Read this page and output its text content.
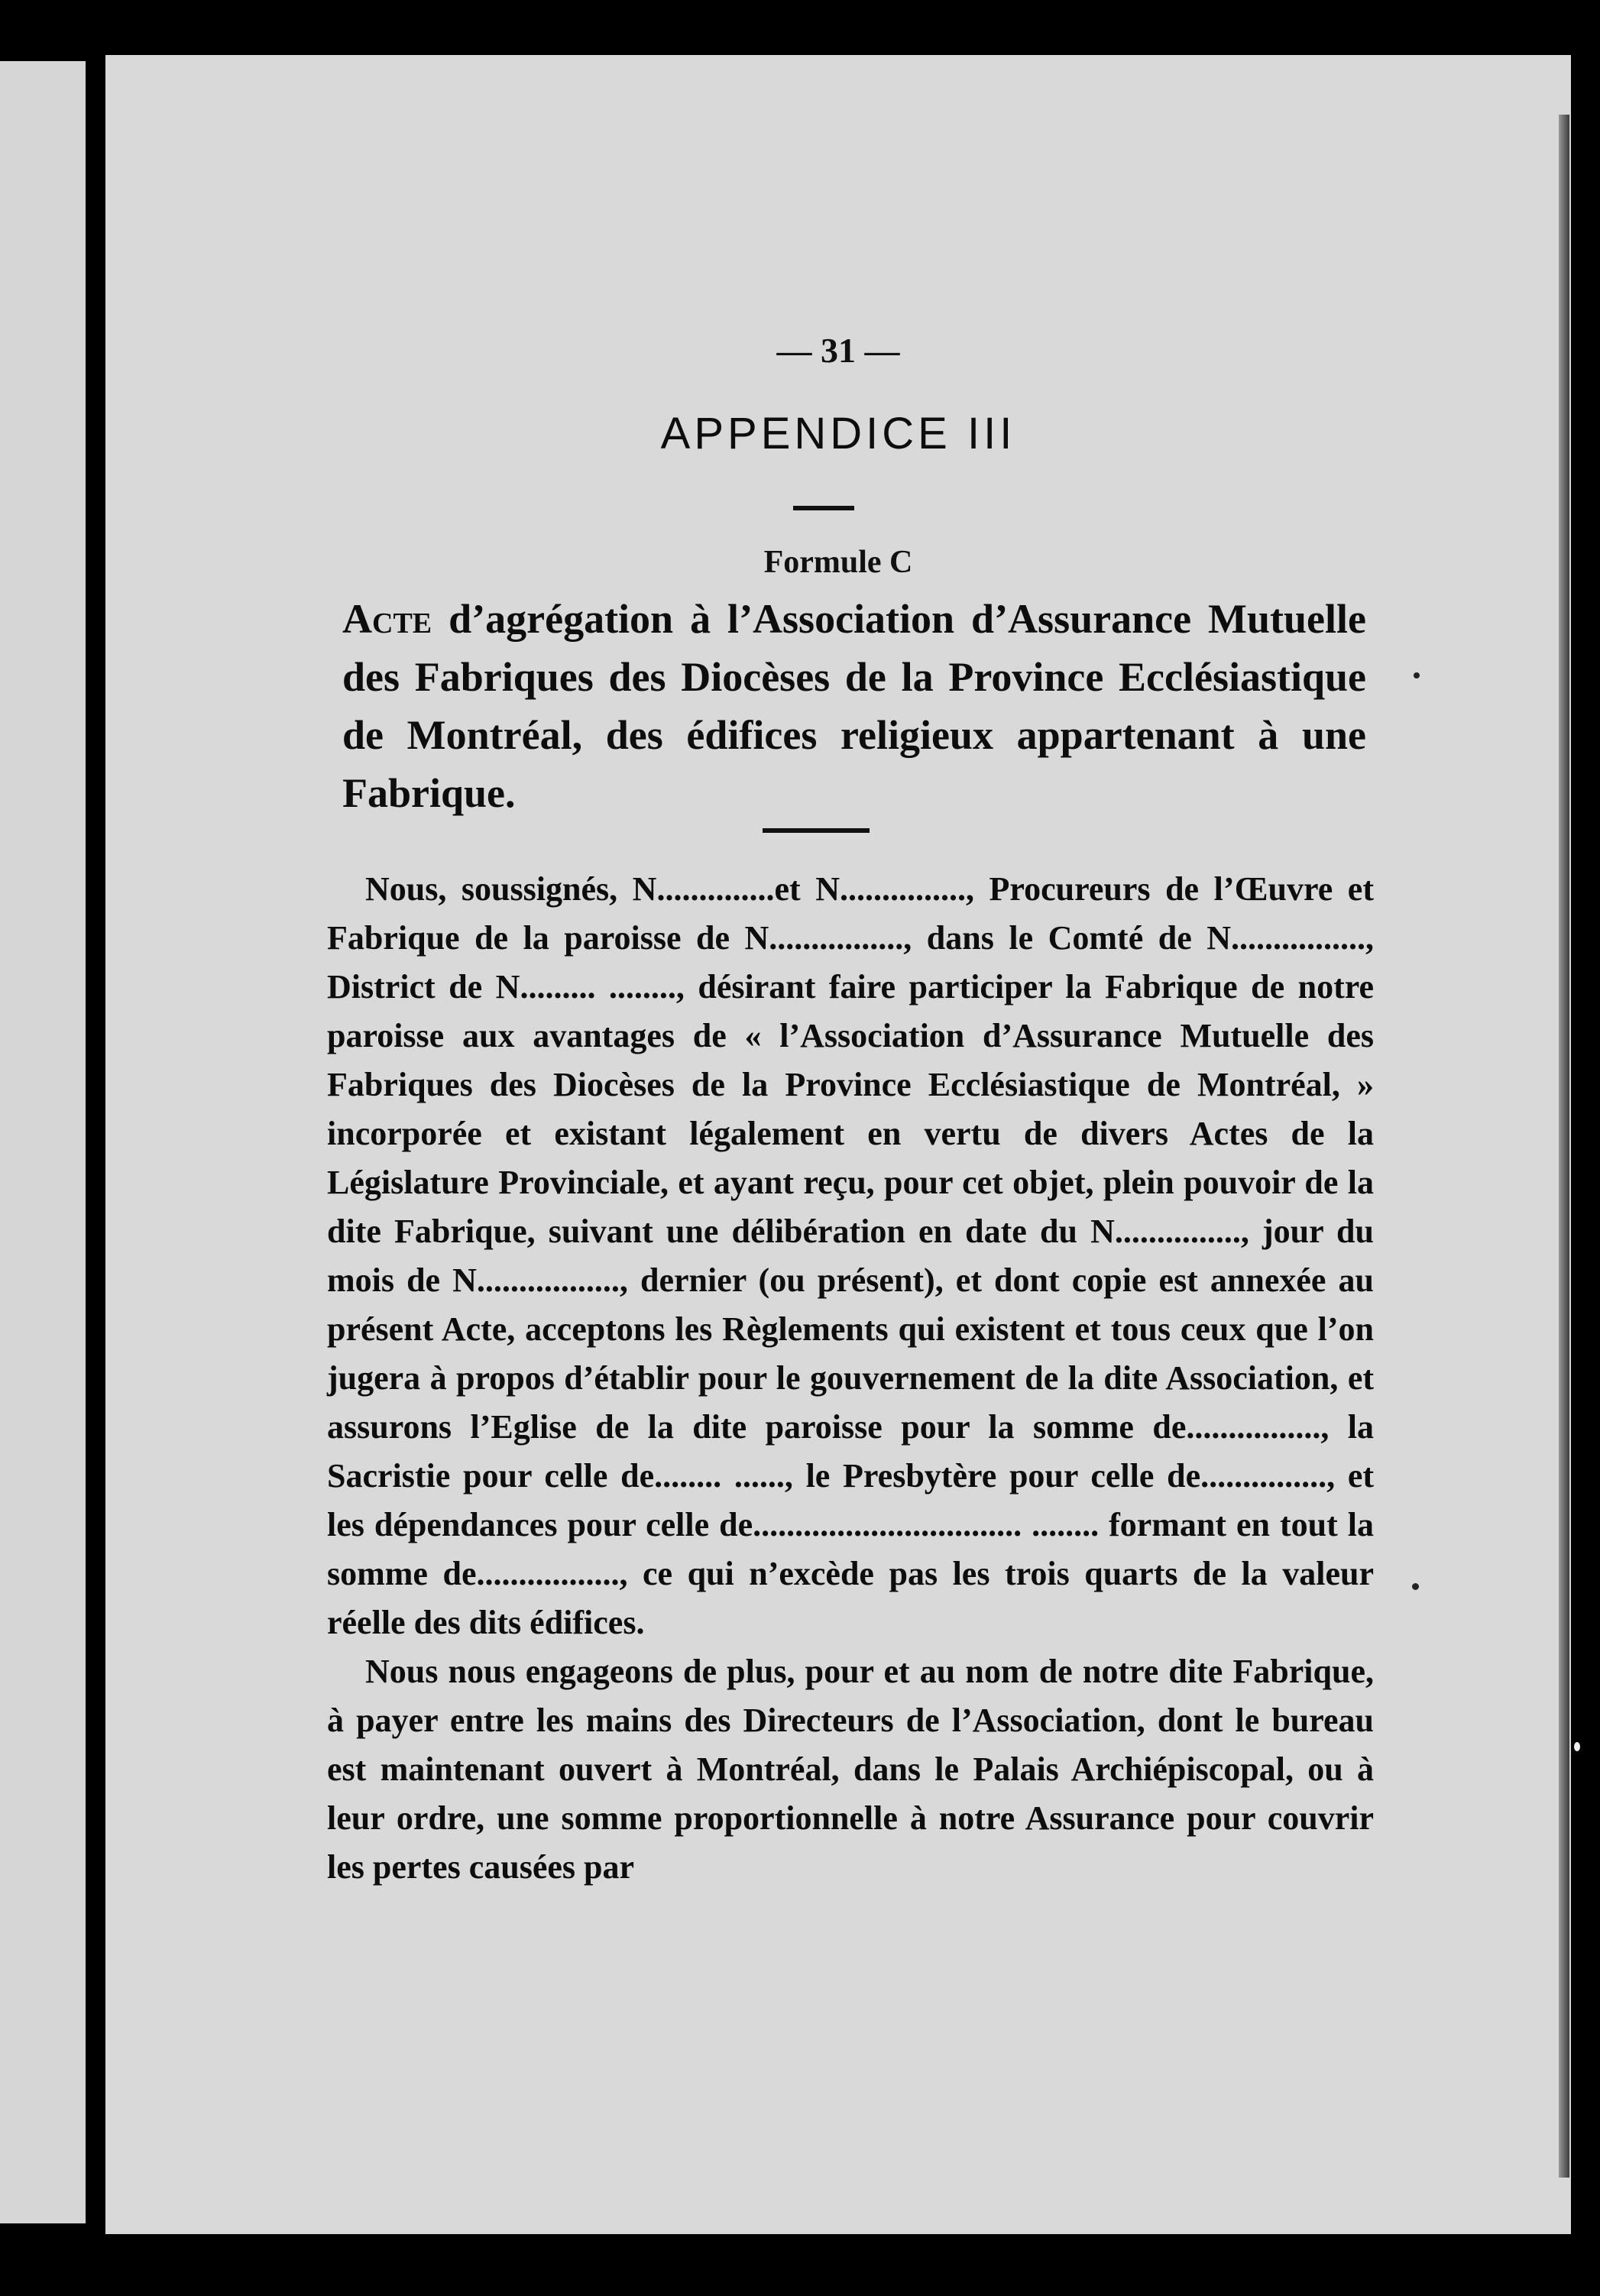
— 31 —
APPENDICE III
Formule C
Acte d’agrégation à l’Association d’Assurance Mutuelle des Fabriques des Diocèses de la Province Ecclésiastique de Montréal, des édifices religieux appartenant à une Fabrique.

Nous, soussignés, N..............et N..............., Procureurs de l’Œuvre et Fabrique de la paroisse de N................, dans le Comté de N................, District de N......... ........, désirant faire participer la Fabrique de notre paroisse aux avantages de « l’Association d’Assurance Mutuelle des Fabriques des Diocèses de la Province Ecclésiastique de Montréal, » incorporée et existant légalement en vertu de divers Actes de la Législature Provinciale, et ayant reçu, pour cet objet, plein pouvoir de la dite Fabrique, suivant une délibération en date du N..............., jour du mois de N................., dernier (ou présent), et dont copie est annexée au présent Acte, acceptons les Règlements qui existent et tous ceux que l’on jugera à propos d’établir pour le gouvernement de la dite Association, et assurons l’Eglise de la dite paroisse pour la somme de................, la Sacristie pour celle de........ ......, le Presbytère pour celle de..............., et les dépendances pour celle de................................ ........ formant en tout la somme de................., ce qui n’excède pas les trois quarts de la valeur réelle des dits édifices.

Nous nous engageons de plus, pour et au nom de notre dite Fabrique, à payer entre les mains des Directeurs de l’Association, dont le bureau est maintenant ouvert à Montréal, dans le Palais Archiépiscopal, ou à leur ordre, une somme proportionnelle à notre Assurance pour couvrir les pertes causées par
